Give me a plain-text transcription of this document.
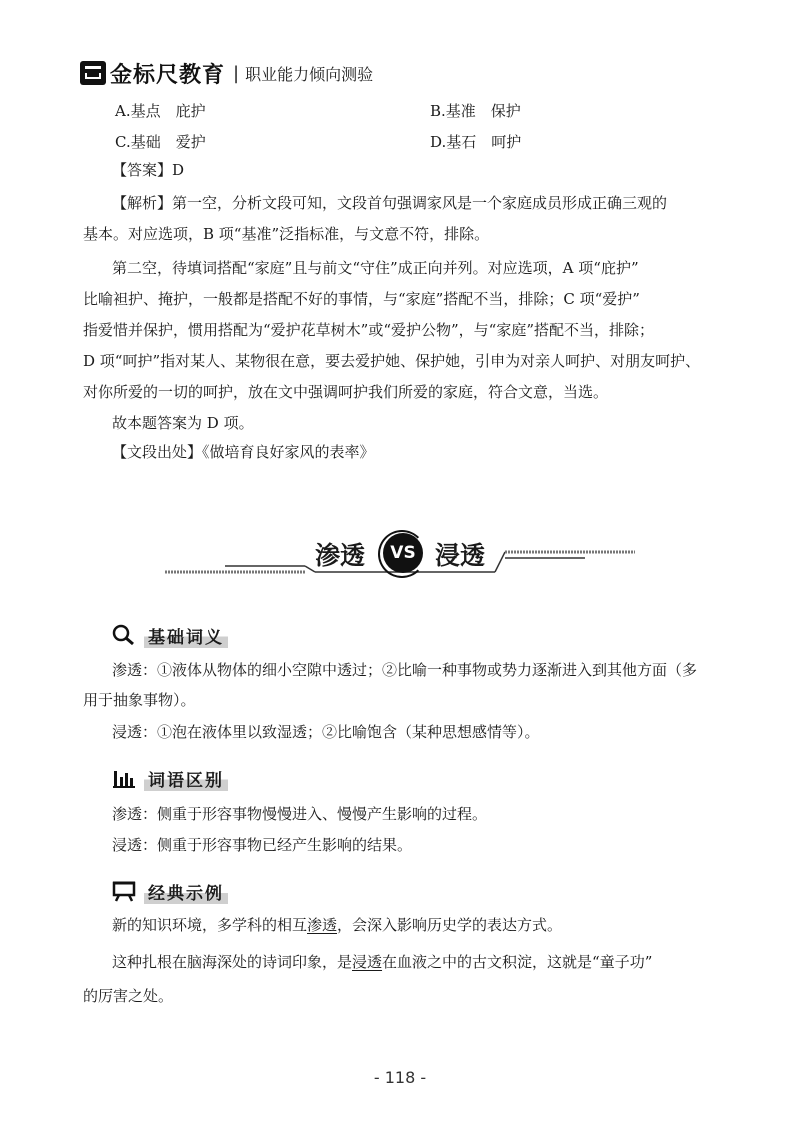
金标尺教育 | 职业能力倾向测验
A.基点　庇护	B.基准　保护
C.基础　爱护	D.基石　呵护
【答案】D
【解析】第一空，分析文段可知，文段首句强调家风是一个家庭成员形成正确三观的
基本。对应选项，B 项“基准”泛指标准，与文意不符，排除。
第二空，待填词搭配“家庭”且与前文“守住”成正向并列。对应选项，A 项“庇护”
比喻袒护、掩护，一般都是搭配不好的事情，与“家庭”搭配不当，排除；C 项“爱护”
指爱惜并保护，惯用搭配为“爱护花草树木”或“爱护公物”，与“家庭”搭配不当，排除；
D 项“呵护”指对某人、某物很在意，要去爱护她、保护她，引申为对亲人呵护、对朋友呵护、
对你所爱的一切的呵护，放在文中强调呵护我们所爱的家庭，符合文意，当选。
故本题答案为 D 项。
【文段出处】《做培育良好家风的表率》
渗透	VS 浸透
基础词义
渗透：①液体从物体的细小空隙中透过；②比喻一种事物或势力逐渐进入到其他方面（多
用于抽象事物）。
浸透：①泡在液体里以致湿透；②比喻饱含（某种思想感情等）。
词语区别
渗透：侧重于形容事物慢慢进入、慢慢产生影响的过程。
浸透：侧重于形容事物已经产生影响的结果。
经典示例
新的知识环境，多学科的相互渗透，会深入影响历史学的表达方式。
这种扎根在脑海深处的诗词印象，是浸透在血液之中的古文积淀，这就是“童子功”
的厉害之处。
- 118 -
